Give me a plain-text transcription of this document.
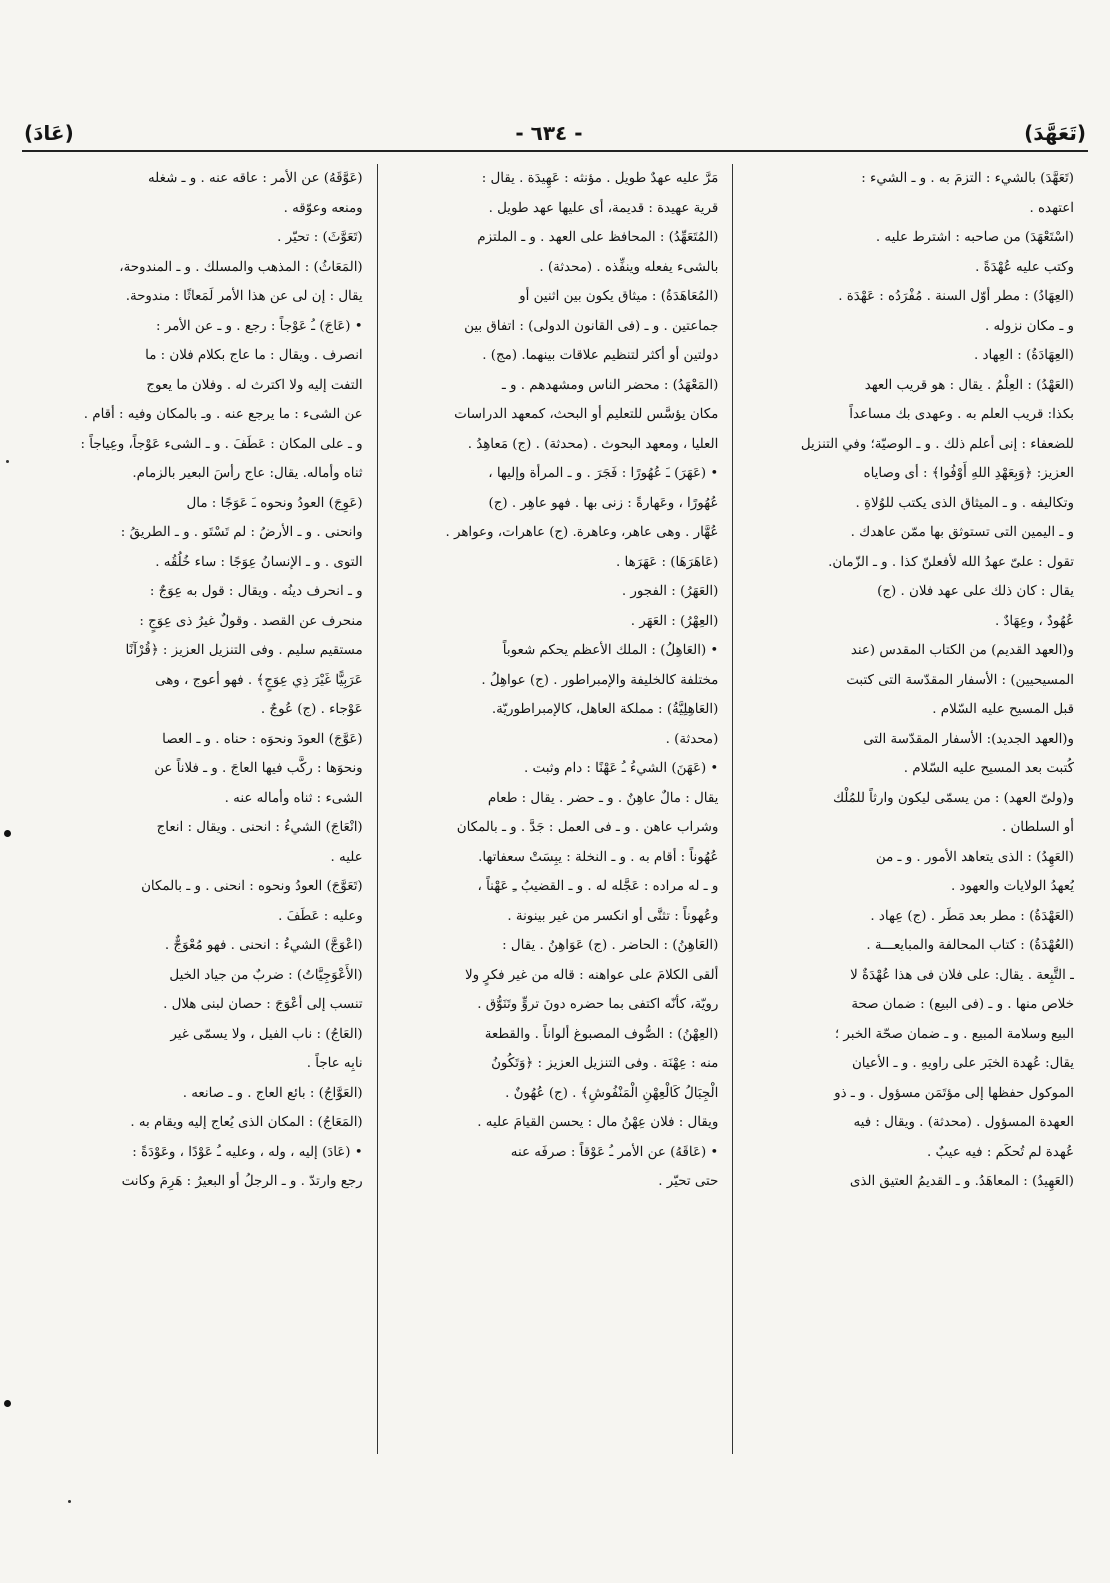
(تَعَهَّدَ)
- ٦٣٤ -
(عَادَ)
(تَعَهَّدَ) بالشيء : التزمَ به . و ـ الشيء :
اعتهده .
(اسْتَعْهَدَ) من صاحبه : اشترط عليه .
وكتب عليه عُهْدَةً .
(العِهَادُ) : مطر أوّل السنة . مُفْرَدُه : عَهْدَة .
و ـ مكان نزوله .
(العِهَادَةُ) : العِهاد .
(العَهْدُ) : العِلْمُ . يقال : هو قريب العهد
بكذا: قريب العلم به . وعهدى بك مساعداً
للضعفاء : إنى أعلم ذلك . و ـ الوصيّة؛ وفي التنزيل
العزيز: ﴿وَبِعَهْدِ اللهِ أَوْفُوا﴾ : أى وصاياه
وتكاليفه . و ـ الميثاق الذى يكتب للوُلاةِ .
و ـ اليمين التى تستوثق بها ممّن عاهدك .
تقول : علىّ عهدُ الله لأفعلنّ كذا . و ـ الزّمان.
يقال : كان ذلك على عهد فلان . (ج)
عُهُودٌ ، وعِهَادٌ .
و(العهد القديم) من الكتاب المقدس (عند
المسيحيين) : الأسفار المقدّسة التى كتبت
قبل المسيح عليه السّلام .
و(العهد الجديد): الأسفار المقدّسة التى
كُتبت بعد المسيح عليه السّلام .
و(ولىّ العهد) : من يسمّى ليكون وارثاً للمُلْك
أو السلطان .
(العَهِدُ) : الذى يتعاهد الأمور . و ـ من
يُعهدُ الولايات والعهود .
(العَهْدَةُ) : مطر بعد مَطَر . (ج) عِهاد .
(العُهْدَةُ) : كتاب المحالفة والمبايعـــة .
ـ التَّبِعة . يقال: على فلان فى هذا عُهْدَةٌ لا
خلاص منها . و ـ (فى البيع) : ضمان صحة
البيع وسلامة المبيع . و ـ ضمان صحّة الخبر ؛
يقال: عُهدة الخبَر على راويهِ . و ـ الأعيان
الموكول حفظها إلى مؤتَمَن مسؤول . و ـ ذو
العهدة المسؤول . (محدثة) . ويقال : فيه
عُهدة لم تُحكَم : فيه عيبٌ .
(العَهِيدُ) : المعاهَدُ. و ـ القديمُ العتيق الذى
مَرَّ عليه عهدٌ طويل . مؤنثه : عَهِيدَة . يقال :
قرية عهيدة : قديمة، أى عليها عهد طويل .
(المُتَعَهِّدُ) : المحافظ على العهد . و ـ الملتزم
بالشىء يفعله وينفِّذه . (محدثة) .
(المُعَاهَدَةُ) : ميثاق يكون بين اثنين أو
جماعتين . و ـ (فى القانون الدولى) : اتفاق بين
دولتين أو أكثر لتنظيم علاقات بينهما. (مج) .
(المَعْهَدُ) : محضر الناس ومشهدهم . و ـ
مكان يؤسَّس للتعليم أو البحث، كمعهد الدراسات
العليا ، ومعهد البحوث . (محدثة) . (ج) مَعاهِدُ .
• (عَهَرَ) ـَ عُهُورًا : فَجَرَ . و ـ المرأة وإليها ،
عُهُورًا ، وعَهارةً : زنى بها . فهو عاهِر . (ج)
عُهَّار . وهى عاهر، وعاهرة. (ج) عاهرات، وعواهر .
(عَاهَرَهَا) : عَهَرَها .
(العَهَرُ) : الفجور .
(العِهْرُ) : العَهَر .
• (العَاهِلُ) : الملك الأعظم يحكم شعوباً
مختلفة كالخليفة والإمبراطور . (ج) عواهِلُ .
(العَاهِلِيَّةُ) : مملكة العاهل، كالإمبراطوريّة.
(محدثة) .
• (عَهَنَ) الشيءُ ـُ عَهْنًا : دام وثبت .
يقال : مالٌ عاهِنٌ . و ـ حضر . يقال : طعام
وشراب عاهن . و ـ فى العمل : جَدَّ . و ـ بالمكان
عُهُوناً : أقام به . و ـ النخلة : يبِسَتْ سعفاتها.
و ـ له مراده : عَجَّله له . و ـ القضيبُ ـِ عَهْناً ،
وعُهوناً : تثنَّى أو انكسر من غير بينونة .
(العَاهِنُ) : الحاضر . (ج) عَوَاهِنُ . يقال :
ألقى الكلامَ على عواهنه : قاله من غير فكرٍ ولا
رويّة، كأنّه اكتفى بما حضره دونَ تروٍّ وتَنَوُّق .
(العِهْنُ) : الصُّوف المصبوغ ألواناً . والقطعة
منه : عِهْنَة . وفى التنزيل العزيز : ﴿وَتَكُونُ
الْجِبَالُ كَالْعِهْنِ الْمَنْفُوشِ﴾ . (ج) عُهُونٌ .
ويقال : فلان عِهْنُ مال : يحسن القيامَ عليه .
• (عَاقَهُ) عن الأمر ـُ عَوْقاً : صرفَه عنه
حتى تحيّر .
(عَوَّقَهُ) عن الأمر : عاقه عنه . و ـ شغله
ومنعه وعوّقه .
(تَعَوَّثَ) : تحيّر .
(المَعَاثُ) : المذهب والمسلك . و ـ المندوحة،
يقال : إن لى عن هذا الأمر لَمَعاثًا : مندوحة.
• (عَاجَ) ـُ عَوْجاً : رجع . و ـ عن الأمر :
انصرف . ويقال : ما عاج بكلام فلان : ما
التفت إليه ولا اكترث له . وفلان ما يعوج
عن الشىء : ما يرجع عنه . وـ بالمكان وفيه : أقام .
و ـ على المكان : عَطَفَ . و ـ الشىء عَوْجاً، وعِياجاً :
ثناه وأماله. يقال: عاج رأسَ البعير بالزمام.
(عَوِجَ) العودُ ونحوه ـَ عَوَجًا : مال
وانحنى . و ـ الأرضُ : لم تَسْتَو . و ـ الطريقُ :
التوى . و ـ الإنسانُ عِوَجًا : ساء خُلُقُه .
و ـ انحرف دينُه . ويقال : قول به عِوَجٌ :
منحرف عن القصد . وقولٌ غيرُ ذى عِوَجٍ :
مستقيم سليم . وفى التنزيل العزيز : ﴿قُرْآنًا
عَرَبِيًّا غَيْرَ ذِي عِوَجٍ﴾ . فهو أعوج ، وهى
عَوْجاء . (ج) عُوجٌ .
(عَوَّجَ) العودَ ونحوَه : حناه . و ـ العصا
ونحوَها : ركَّب فيها العاجَ . و ـ فلاناً عن
الشىء : ثناه وأماله عنه .
(انْعَاجَ) الشيءُ : انحنى . ويقال : انعاج
عليه .
(تَعَوَّجَ) العودُ ونحوه : انحنى . و ـ بالمكان
وعليه : عَطَفَ .
(اعْوَجَّ) الشيءُ : انحنى . فهو مُعْوَجٌّ .
(الأَعْوَجِيَّاتُ) : ضربٌ من جياد الخيل
تنسب إلى أعْوَجَ : حصان لبنى هلال .
(العَاجُ) : ناب الفيل ، ولا يسمّى غير
نابِه عاجاً .
(العَوَّاجُ) : بائع العاج . و ـ صانعه .
(المَعَاجُ) : المكان الذى يُعاج إليه ويقام به .
• (عَادَ) إليه ، وله ، وعليه ـُ عَوْدًا ، وعَوْدَةً :
رجع وارتدّ . و ـ الرجلُ أو البعيرُ : هَرِمَ وكانت
